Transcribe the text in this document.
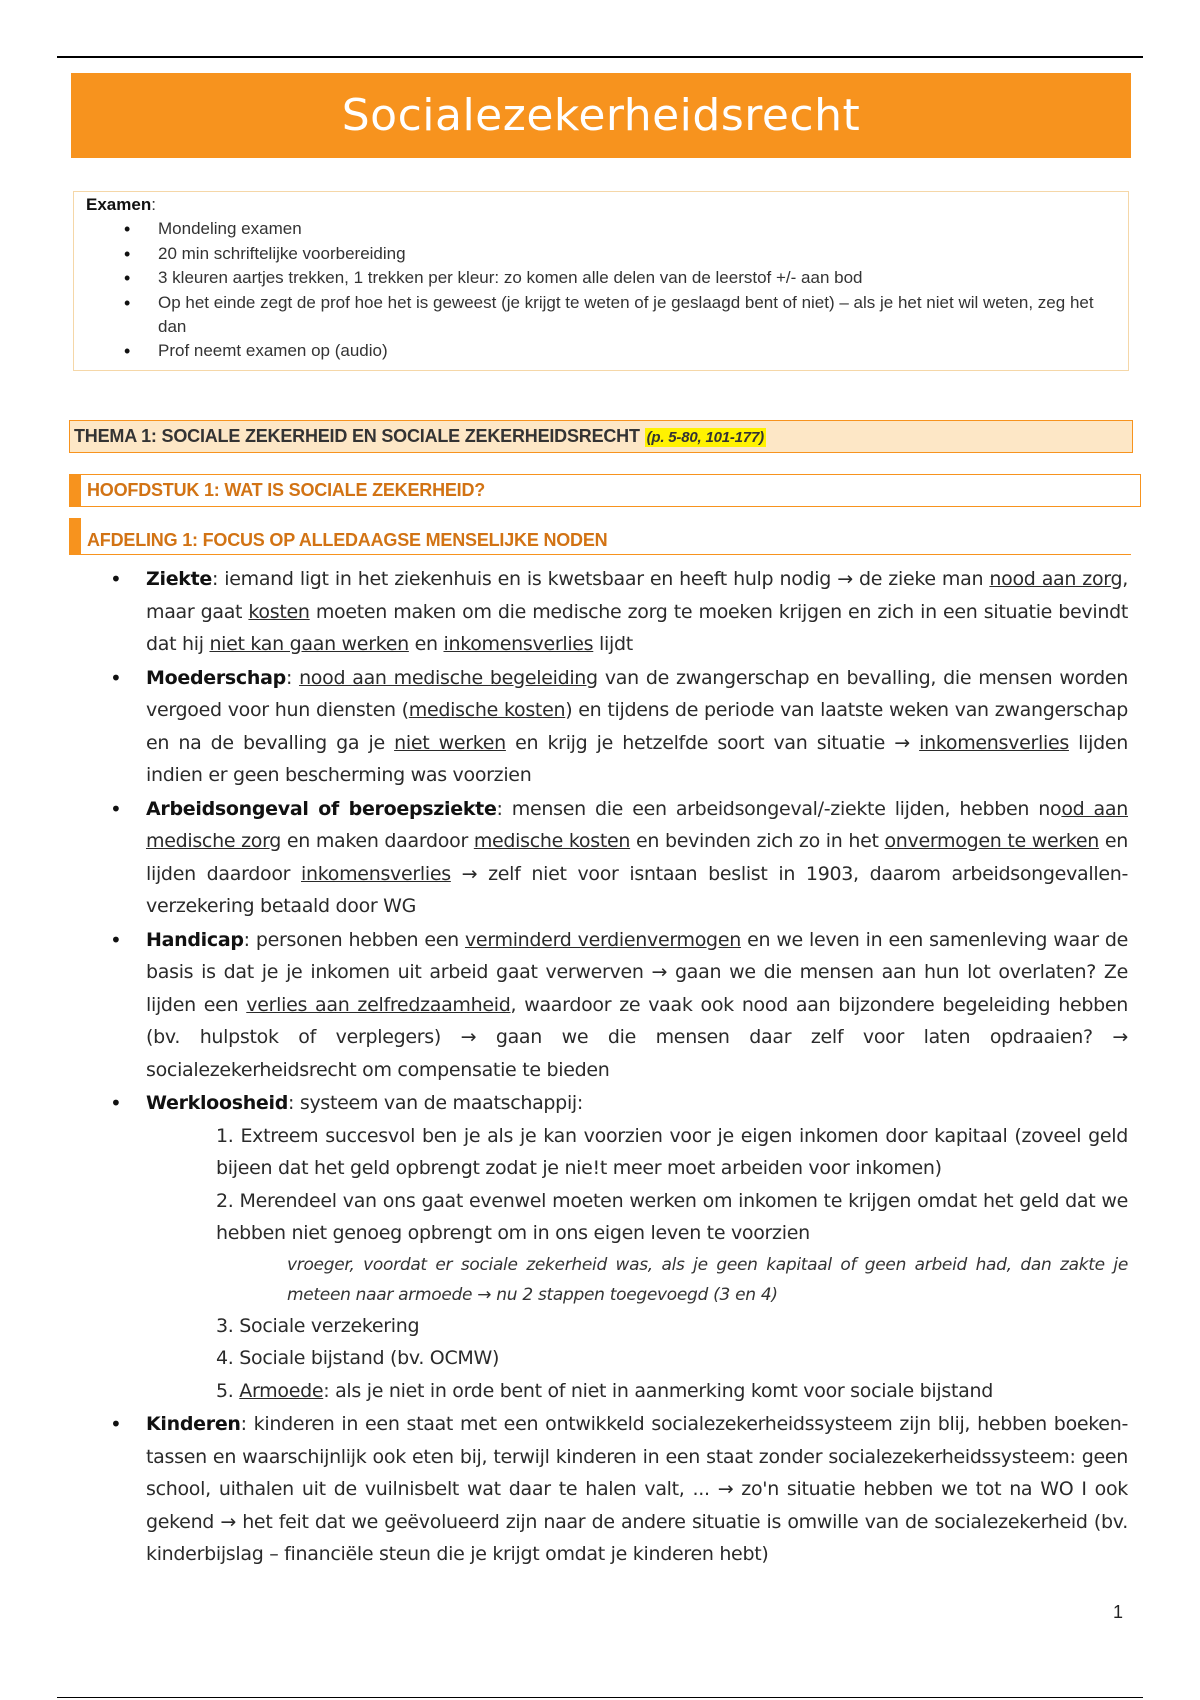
Socialezekerheidsrecht
Examen:
• Mondeling examen
• 20 min schriftelijke voorbereiding
• 3 kleuren aartjes trekken, 1 trekken per kleur: zo komen alle delen van de leerstof +/- aan bod
• Op het einde zegt de prof hoe het is geweest (je krijgt te weten of je geslaagd bent of niet) – als je het niet wil weten, zeg het dan
• Prof neemt examen op (audio)
THEMA 1: SOCIALE ZEKERHEID EN SOCIALE ZEKERHEIDSRECHT (p. 5-80, 101-177)
HOOFDSTUK 1: WAT IS SOCIALE ZEKERHEID?
AFDELING 1: FOCUS OP ALLEDAAGSE MENSELIJKE NODEN
• Ziekte: iemand ligt in het ziekenhuis en is kwetsbaar en heeft hulp nodig → de zieke man nood aan zorg, maar gaat kosten moeten maken om die medische zorg te moeken krijgen en zich in een situatie bevindt dat hij niet kan gaan werken en inkomensverlies lijdt
• Moederschap: nood aan medische begeleiding van de zwangerschap en bevalling, die mensen worden vergoed voor hun diensten (medische kosten) en tijdens de periode van laatste weken van zwangerschap en na de bevalling ga je niet werken en krijg je hetzelfde soort van situatie → inkomensverlies lijden indien er geen bescherming was voorzien
• Arbeidsongeval of beroepsziekte: mensen die een arbeidsongeval/-ziekte lijden, hebben nood aan medische zorg en maken daardoor medische kosten en bevinden zich zo in het onvermogen te werken en lijden daardoor inkomensverlies → zelf niet voor isntaan beslist in 1903, daarom arbeidsongevallen-verzekering betaald door WG
• Handicap: personen hebben een verminderd verdienvermogen en we leven in een samenleving waar de basis is dat je je inkomen uit arbeid gaat verwerven → gaan we die mensen aan hun lot overlaten? Ze lijden een verlies aan zelfredzaamheid, waardoor ze vaak ook nood aan bijzondere begeleiding hebben (bv. hulpstok of verplegers) → gaan we die mensen daar zelf voor laten opdraaien? → socialezekerheidsrecht om compensatie te bieden
• Werkloosheid: systeem van de maatschappij:
1. Extreem succesvol ben je als je kan voorzien voor je eigen inkomen door kapitaal (zoveel geld bijeen dat het geld opbrengt zodat je nie!t meer moet arbeiden voor inkomen)
2. Merendeel van ons gaat evenwel moeten werken om inkomen te krijgen omdat het geld dat we hebben niet genoeg opbrengt om in ons eigen leven te voorzien
vroeger, voordat er sociale zekerheid was, als je geen kapitaal of geen arbeid had, dan zakte je meteen naar armoede → nu 2 stappen toegevoegd (3 en 4)
3. Sociale verzekering
4. Sociale bijstand (bv. OCMW)
5. Armoede: als je niet in orde bent of niet in aanmerking komt voor sociale bijstand
• Kinderen: kinderen in een staat met een ontwikkeld socialezekerheidssysteem zijn blij, hebben boeken-tassen en waarschijnlijk ook eten bij, terwijl kinderen in een staat zonder socialezekerheidssysteem: geen school, uithalen uit de vuilnisbelt wat daar te halen valt, ... → zo'n situatie hebben we tot na WO I ook gekend → het feit dat we geëvolueerd zijn naar de andere situatie is omwille van de socialezekerheid (bv. kinderbijslag – financiële steun die je krijgt omdat je kinderen hebt)
1
